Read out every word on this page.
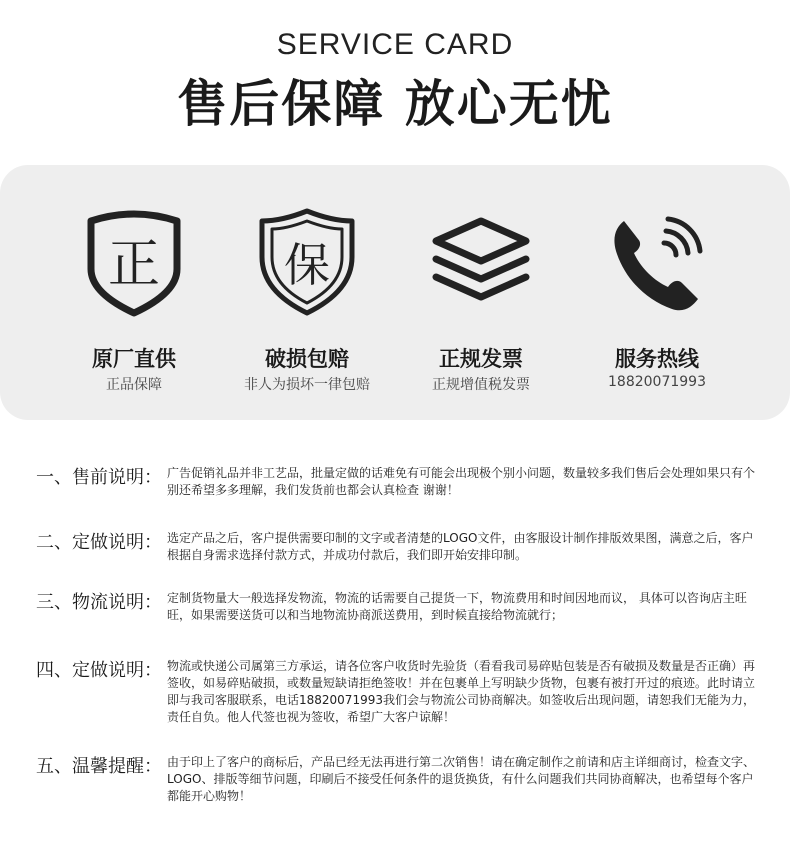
SERVICE CARD
售后保障 放心无忧
正
原厂直供
正品保障
保
破损包赔
非人为损坏一律包赔
正规发票
正规增值税发票
服务热线
18820071993
一、售前说明： 广告促销礼品并非工艺品，批量定做的话难免有可能会出现极个别小问题，数量较多我们售后会处理如果只有个别还希望多多理解，我们发货前也都会认真检查 谢谢！
二、定做说明： 选定产品之后，客户提供需要印制的文字或者清楚的LOGO文件，由客服设计制作排版效果图，满意之后，客户根据自身需求选择付款方式，并成功付款后，我们即开始安排印制。
三、物流说明： 定制货物量大一般选择发物流，物流的话需要自己提货一下，物流费用和时间因地而议， 具体可以咨询店主旺旺，如果需要送货可以和当地物流协商派送费用，到时候直接给物流就行；
四、定做说明： 物流或快递公司属第三方承运，请各位客户收货时先验货（看看我司易碎贴包装是否有破损及数量是否正确）再签收，如易碎贴破损，或数量短缺请拒绝签收！并在包裹单上写明缺少货物，包裹有被打开过的痕迹。此时请立即与我司客服联系，电话18820071993我们会与物流公司协商解决。如签收后出现问题，请恕我们无能为力，责任自负。他人代签也视为签收，希望广大客户谅解！
五、温馨提醒： 由于印上了客户的商标后，产品已经无法再进行第二次销售！请在确定制作之前请和店主详细商讨，检查文字、LOGO、排版等细节问题，印刷后不接受任何条件的退货换货，有什么问题我们共同协商解决，也希望每个客户都能开心购物！
